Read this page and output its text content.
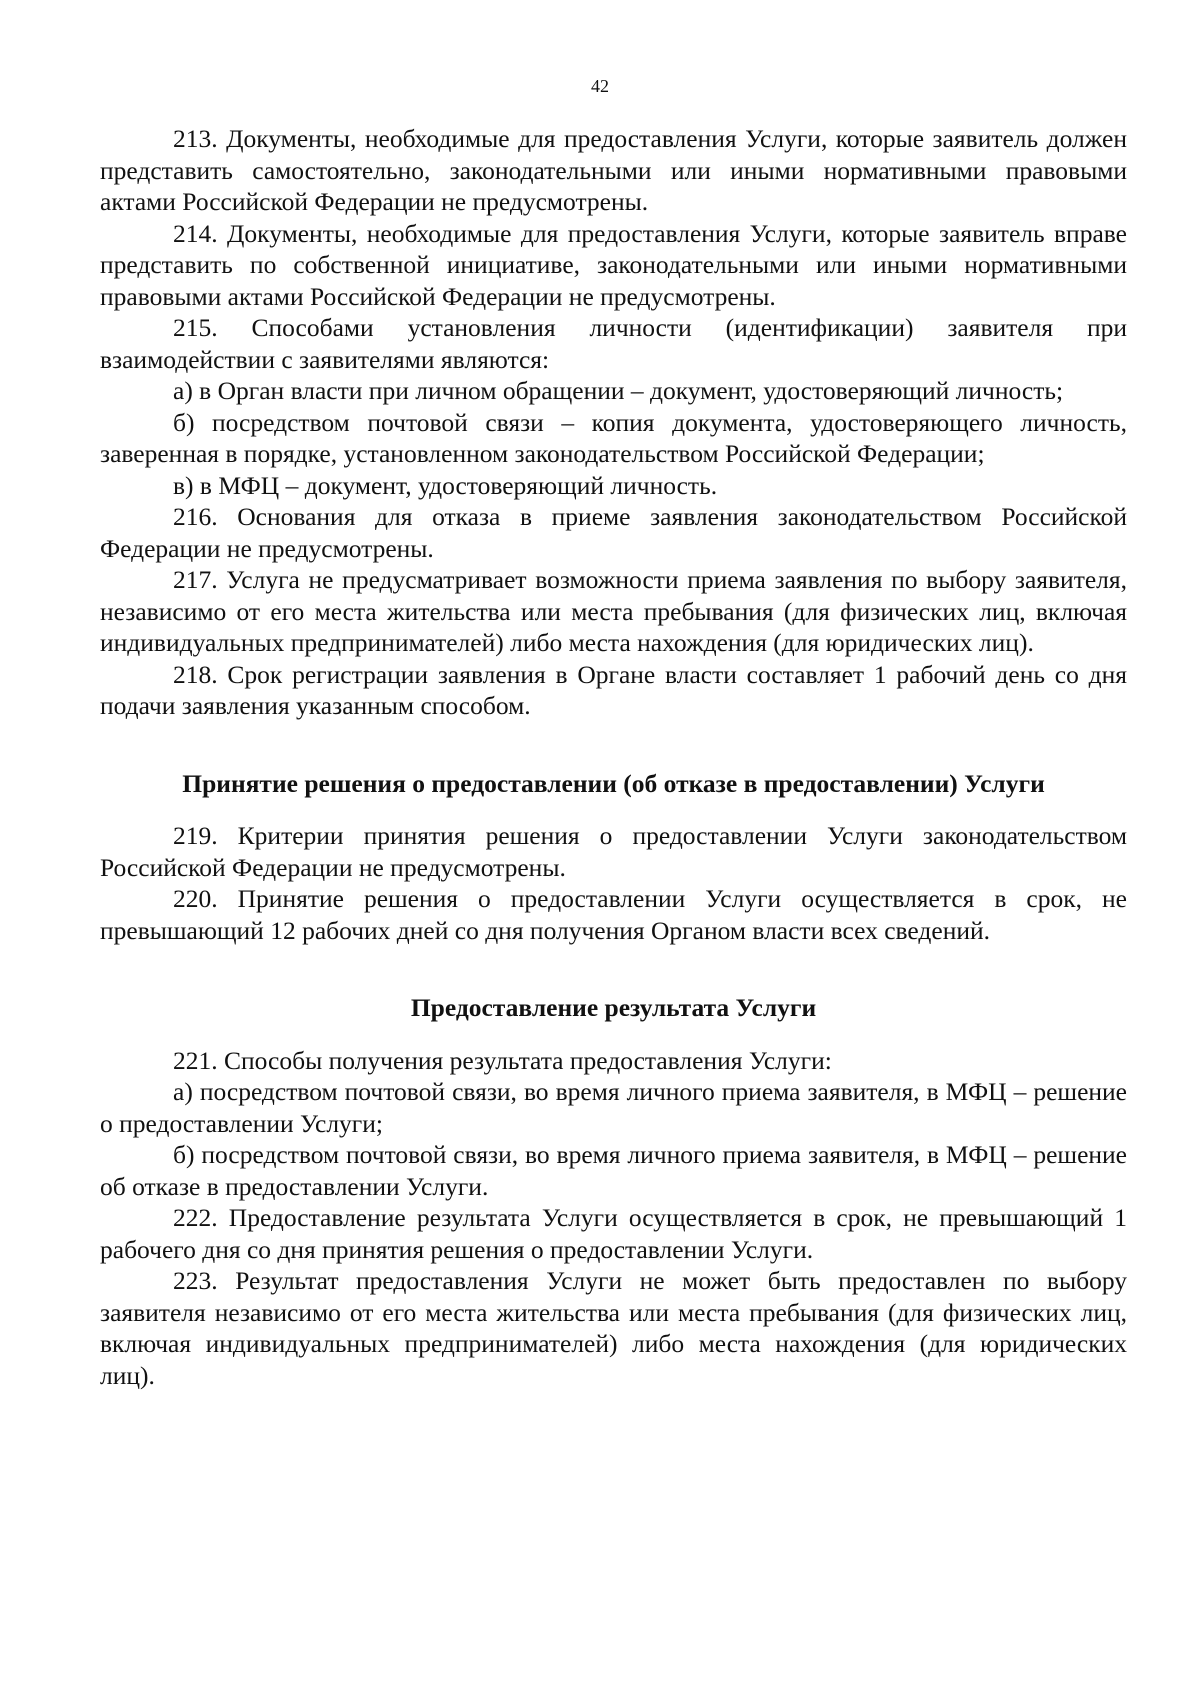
42

213. Документы, необходимые для предоставления Услуги, которые заявитель должен представить самостоятельно, законодательными или иными нормативными правовыми актами Российской Федерации не предусмотрены.

214. Документы, необходимые для предоставления Услуги, которые заявитель вправе представить по собственной инициативе, законодательными или иными нормативными правовыми актами Российской Федерации не предусмотрены.

215. Способами установления личности (идентификации) заявителя при взаимодействии с заявителями являются:

а) в Орган власти при личном обращении – документ, удостоверяющий личность;

б) посредством почтовой связи – копия документа, удостоверяющего личность, заверенная в порядке, установленном законодательством Российской Федерации;

в) в МФЦ – документ, удостоверяющий личность.

216. Основания для отказа в приеме заявления законодательством Российской Федерации не предусмотрены.

217. Услуга не предусматривает возможности приема заявления по выбору заявителя, независимо от его места жительства или места пребывания (для физических лиц, включая индивидуальных предпринимателей) либо места нахождения (для юридических лиц).

218. Срок регистрации заявления в Органе власти составляет 1 рабочий день со дня подачи заявления указанным способом.

Принятие решения о предоставлении (об отказе в предоставлении) Услуги

219. Критерии принятия решения о предоставлении Услуги законодательством Российской Федерации не предусмотрены.

220. Принятие решения о предоставлении Услуги осуществляется в срок, не превышающий 12 рабочих дней со дня получения Органом власти всех сведений.

Предоставление результата Услуги

221. Способы получения результата предоставления Услуги:

а) посредством почтовой связи, во время личного приема заявителя, в МФЦ – решение о предоставлении Услуги;

б) посредством почтовой связи, во время личного приема заявителя, в МФЦ – решение об отказе в предоставлении Услуги.

222. Предоставление результата Услуги осуществляется в срок, не превышающий 1 рабочего дня со дня принятия решения о предоставлении Услуги.

223. Результат предоставления Услуги не может быть предоставлен по выбору заявителя независимо от его места жительства или места пребывания (для физических лиц, включая индивидуальных предпринимателей) либо места нахождения (для юридических лиц).
